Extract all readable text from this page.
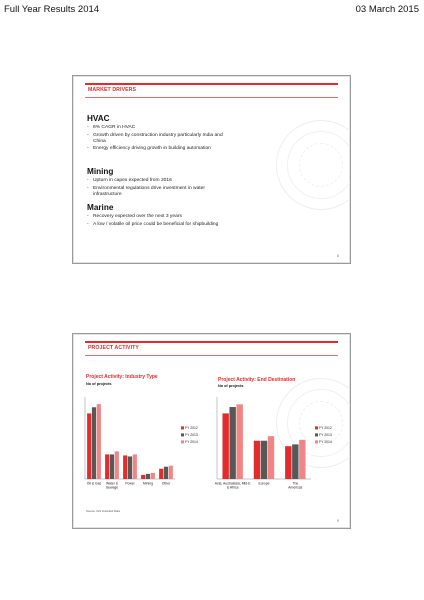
Full Year Results 2014	03 March 2015
MARKET DRIVERS
HVAC
- 6% CAGR in HVAC
- Growth driven by construction industry particularly India and China
- Energy efficiency driving growth in building automation
Mining
- Upturn in capex expected from 2016
- Environmental regulations drive investment in water infrastructure
Marine
- Recovery expected over the next 3 years
- A low / volatile oil price could be beneficial for shipbuilding
8
PROJECT ACTIVITY
Project Activity: Industry Type
No of projects
Oil & Gas Water & Sewage
Power Mining	Other
FY 2012
FY 2013
FY 2014
Project Activity: End Destination
No of projects
Asia, Australasia, Mid-E & Africa
Europe	The Americas
FY 2012
FY 2013
FY 2014
Source: IHS Industrial Data
9
